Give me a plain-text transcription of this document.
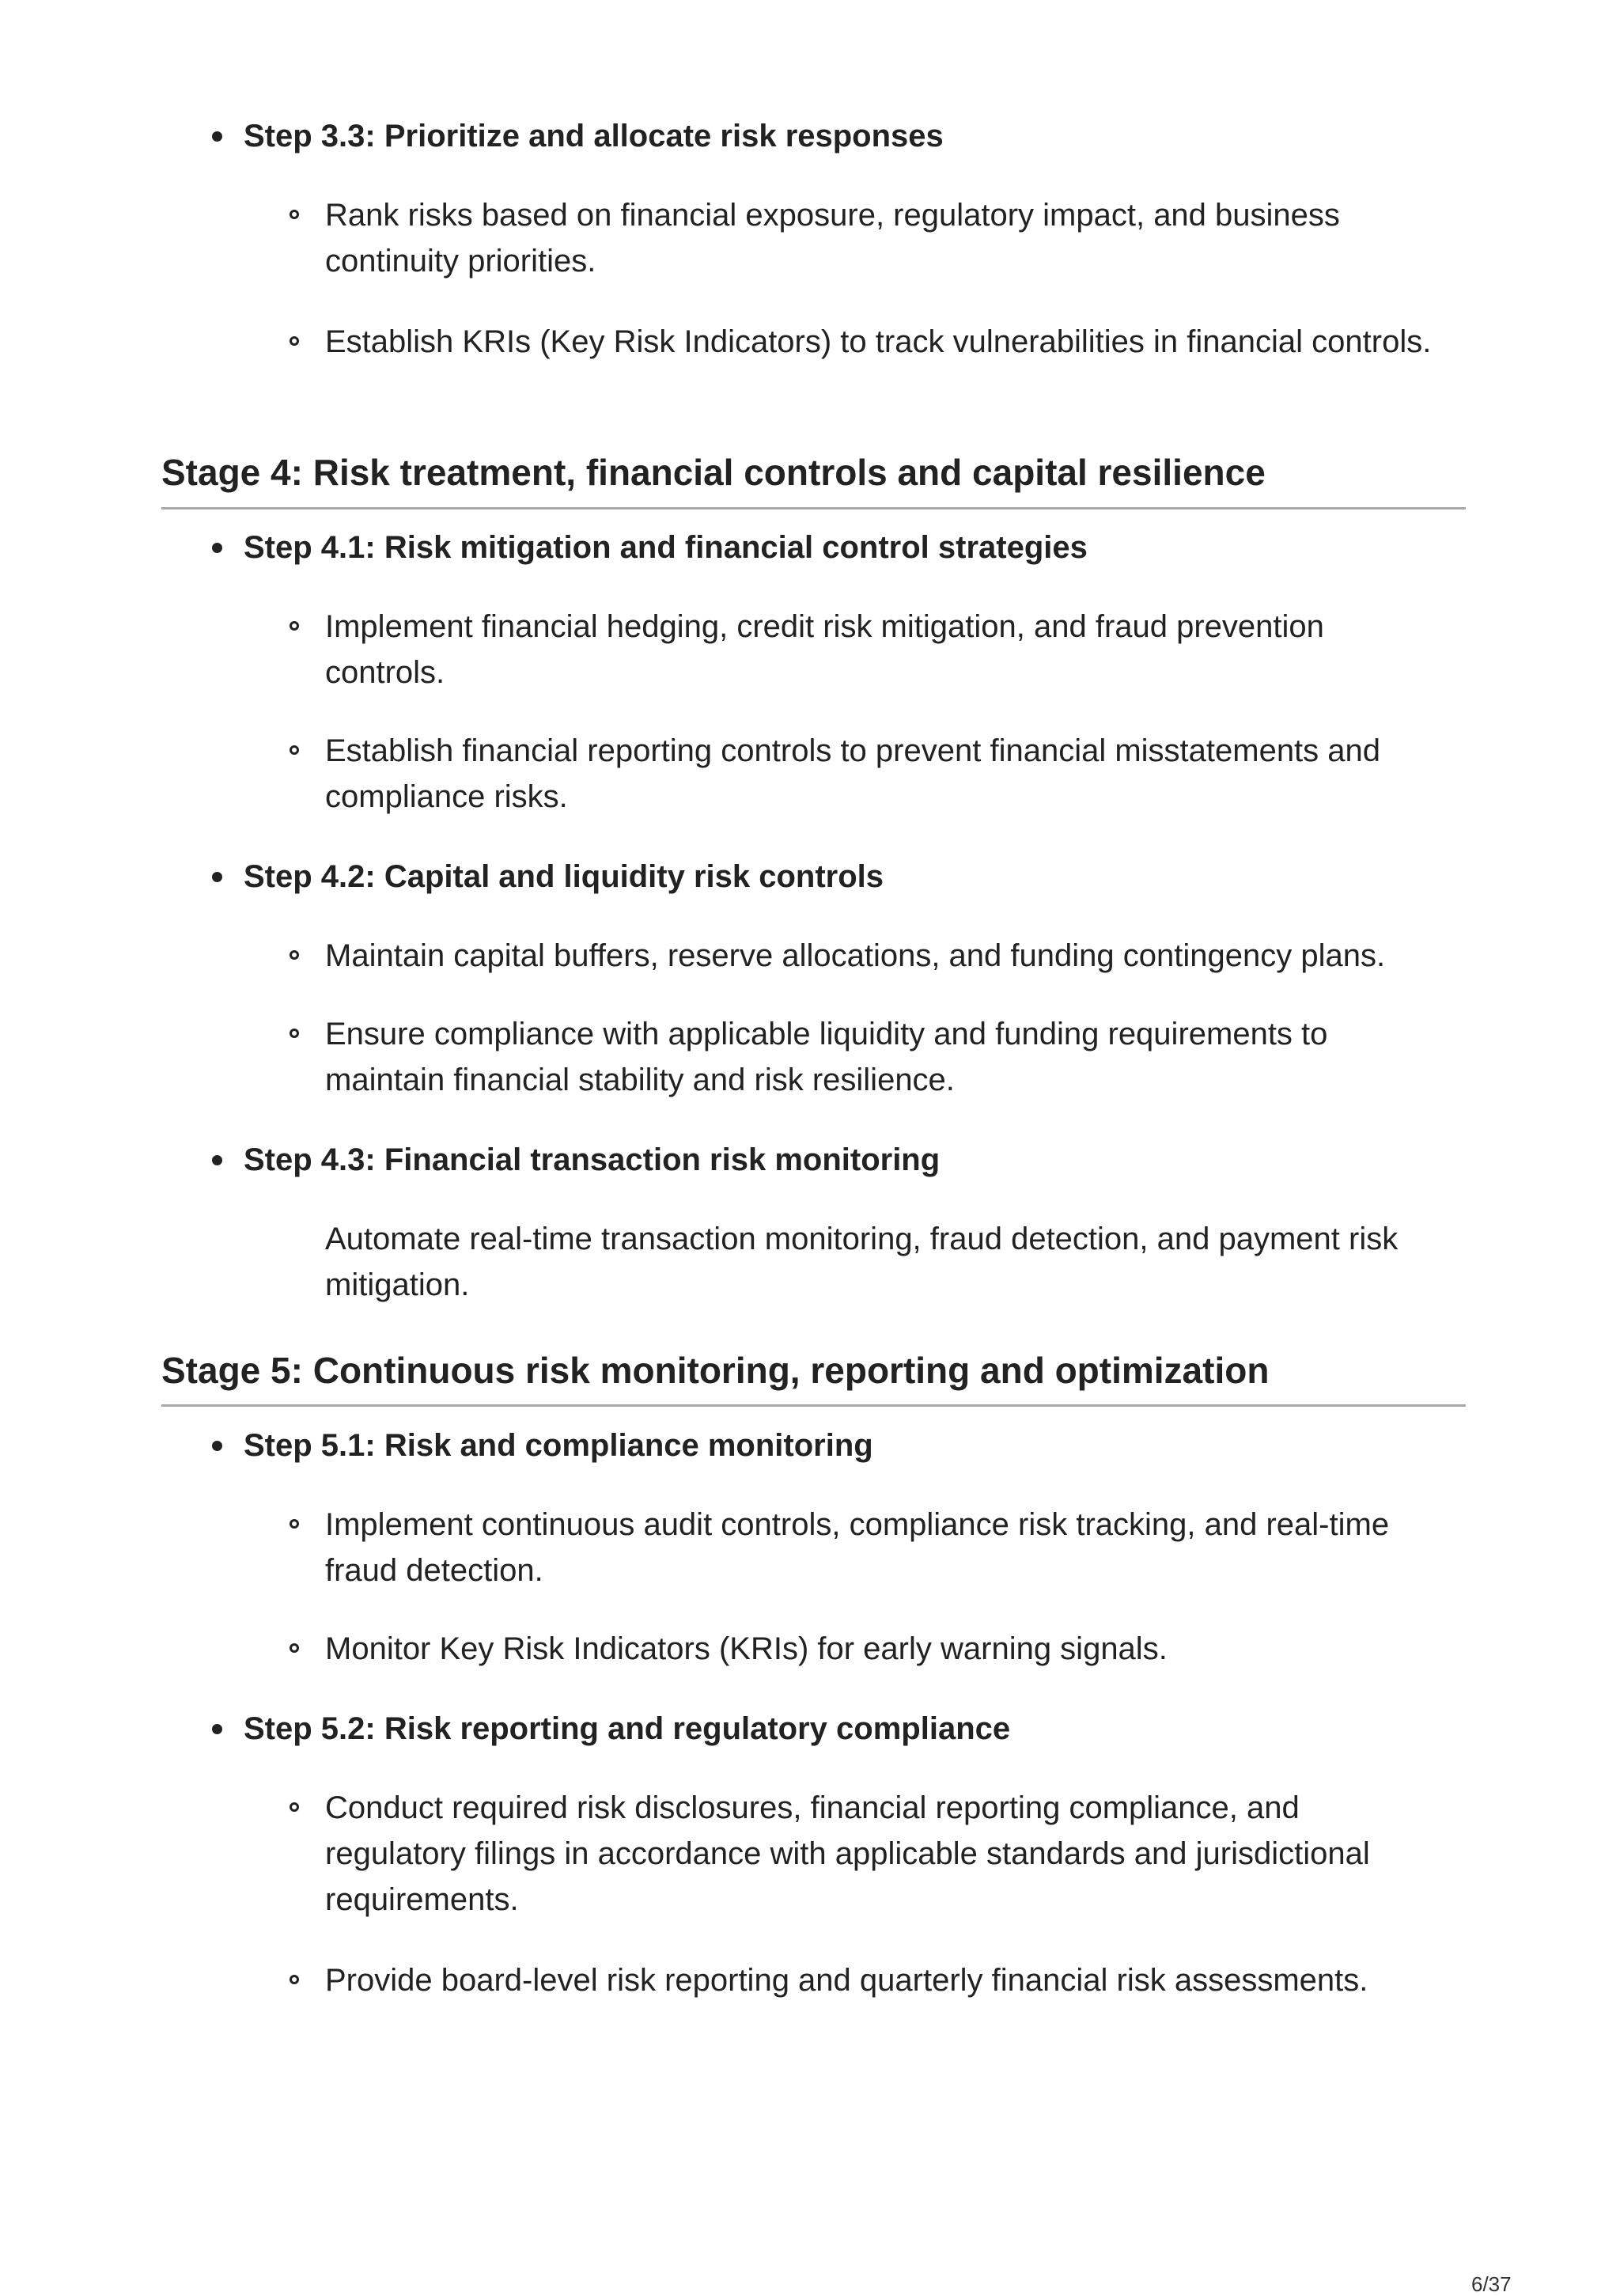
Step 3.3: Prioritize and allocate risk responses
Rank risks based on financial exposure, regulatory impact, and business continuity priorities.
Establish KRIs (Key Risk Indicators) to track vulnerabilities in financial controls.
Stage 4: Risk treatment, financial controls and capital resilience
Step 4.1: Risk mitigation and financial control strategies
Implement financial hedging, credit risk mitigation, and fraud prevention controls.
Establish financial reporting controls to prevent financial misstatements and compliance risks.
Step 4.2: Capital and liquidity risk controls
Maintain capital buffers, reserve allocations, and funding contingency plans.
Ensure compliance with applicable liquidity and funding requirements to maintain financial stability and risk resilience.
Step 4.3: Financial transaction risk monitoring
Automate real-time transaction monitoring, fraud detection, and payment risk mitigation.
Stage 5: Continuous risk monitoring, reporting and optimization
Step 5.1: Risk and compliance monitoring
Implement continuous audit controls, compliance risk tracking, and real-time fraud detection.
Monitor Key Risk Indicators (KRIs) for early warning signals.
Step 5.2: Risk reporting and regulatory compliance
Conduct required risk disclosures, financial reporting compliance, and regulatory filings in accordance with applicable standards and jurisdictional requirements.
Provide board-level risk reporting and quarterly financial risk assessments.
6/37
